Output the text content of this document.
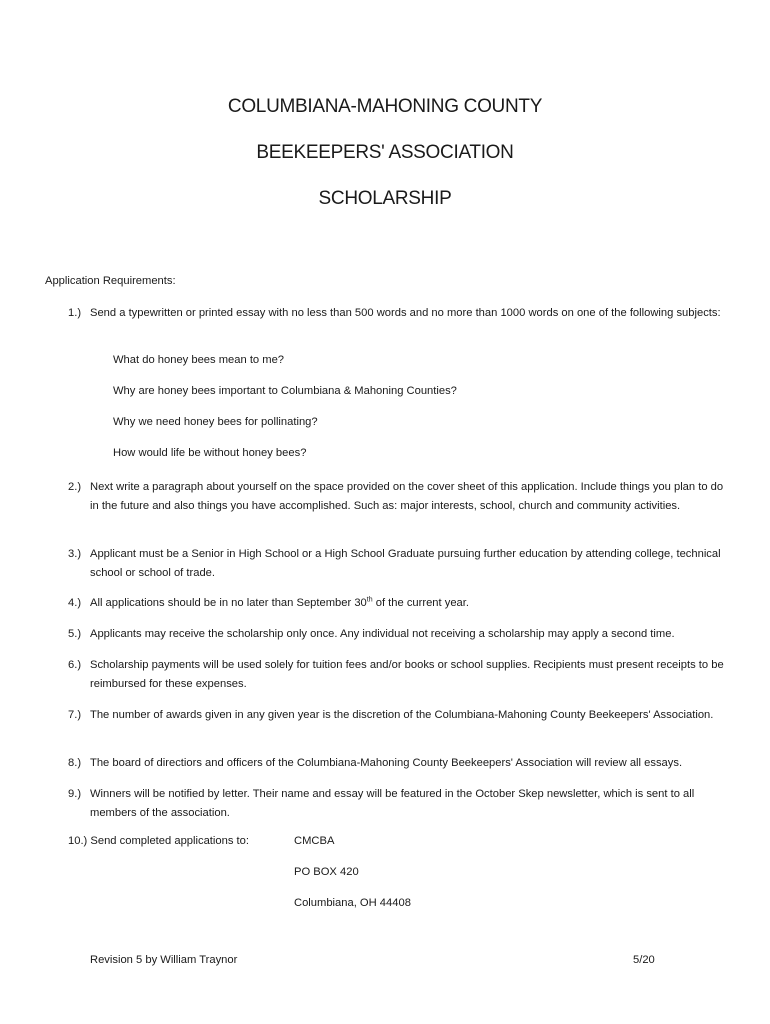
COLUMBIANA-MAHONING COUNTY
BEEKEEPERS' ASSOCIATION
SCHOLARSHIP
Application Requirements:
1.) Send a typewritten or printed essay with no less than 500 words and no more than 1000 words on one of the following subjects:
What do honey bees mean to me?
Why are honey bees important to Columbiana & Mahoning Counties?
Why we need honey bees for pollinating?
How would life be without honey bees?
2.) Next write a paragraph about yourself on the space provided on the cover sheet of this application. Include things you plan to do in the future and also things you have accomplished. Such as: major interests, school, church and community activities.
3.) Applicant must be a Senior in High School or a High School Graduate pursuing further education by attending college, technical school or school of trade.
4.) All applications should be in no later than September 30th of the current year.
5.) Applicants may receive the scholarship only once. Any individual not receiving a scholarship may apply a second time.
6.) Scholarship payments will be used solely for tuition fees and/or books or school supplies. Recipients must present receipts to be reimbursed for these expenses.
7.) The number of awards given in any given year is the discretion of the Columbiana-Mahoning County Beekeepers' Association.
8.) The board of directiors and officers of the Columbiana-Mahoning County Beekeepers' Association will review all essays.
9.) Winners will be notified by letter. Their name and essay will be featured in the October Skep newsletter, which is sent to all members of the association.
10.) Send completed applications to:	CMCBA
PO BOX 420
Columbiana, OH 44408
Revision 5 by William Traynor	5/20
